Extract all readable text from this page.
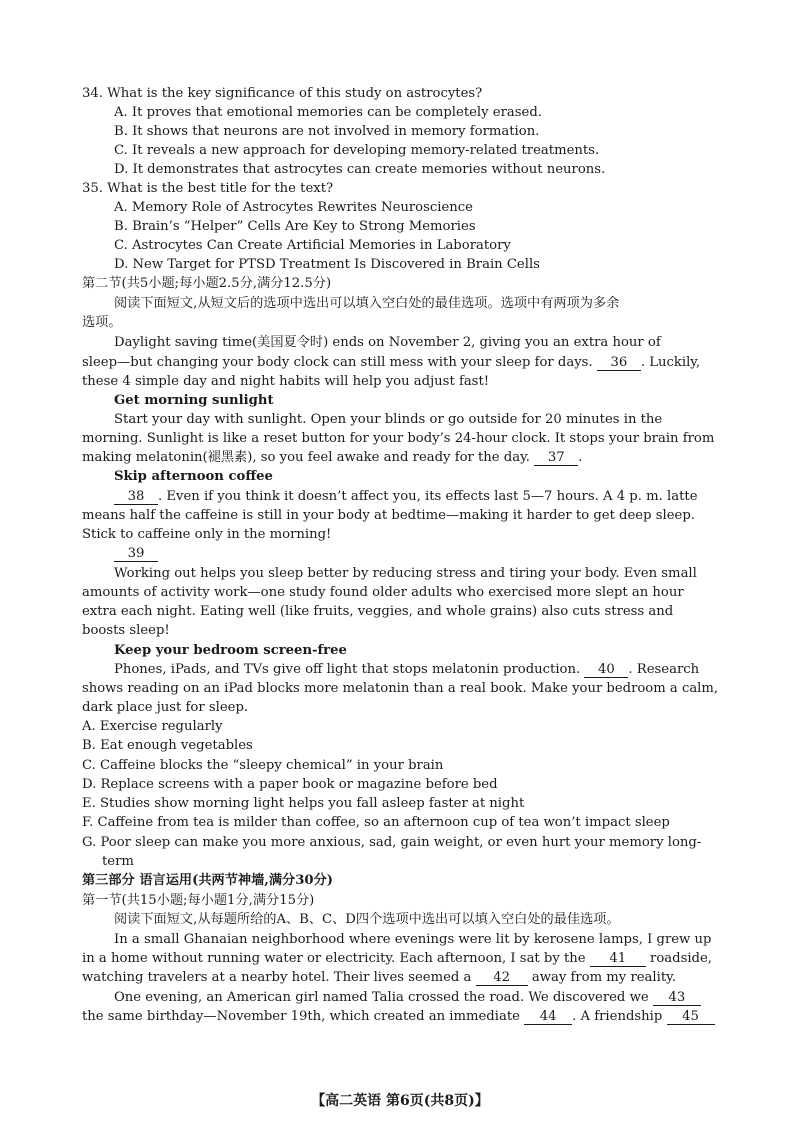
34. What is the key significance of this study on astrocytes?
A. It proves that emotional memories can be completely erased.
B. It shows that neurons are not involved in memory formation.
C. It reveals a new approach for developing memory-related treatments.
D. It demonstrates that astrocytes can create memories without neurons.
35. What is the best title for the text?
A. Memory Role of Astrocytes Rewrites Neuroscience
B. Brain’s “Helper” Cells Are Key to Strong Memories
C. Astrocytes Can Create Artificial Memories in Laboratory
D. New Target for PTSD Treatment Is Discovered in Brain Cells
第二节(共5小题;每小题2.5分,满分12.5分)
阅读下面短文,从短文后的选项中选出可以填入空白处的最佳选项。选项中有两项为多余
选项。
Daylight saving time(美国夏令时) ends on November 2, giving you an extra hour of
sleep—but changing your body clock can still mess with your sleep for days. 36 . Luckily,
these 4 simple day and night habits will help you adjust fast!
Get morning sunlight
Start your day with sunlight. Open your blinds or go outside for 20 minutes in the
morning. Sunlight is like a reset button for your body’s 24-hour clock. It stops your brain from
making melatonin(褪黑素), so you feel awake and ready for the day. 37 .
Skip afternoon coffee
38 . Even if you think it doesn’t affect you, its effects last 5—7 hours. A 4 p. m. latte
means half the caffeine is still in your body at bedtime—making it harder to get deep sleep.
Stick to caffeine only in the morning!
39
Working out helps you sleep better by reducing stress and tiring your body. Even small
amounts of activity work—one study found older adults who exercised more slept an hour
extra each night. Eating well (like fruits, veggies, and whole grains) also cuts stress and
boosts sleep!
Keep your bedroom screen-free
Phones, iPads, and TVs give off light that stops melatonin production. 40 . Research
shows reading on an iPad blocks more melatonin than a real book. Make your bedroom a calm,
dark place just for sleep.
A. Exercise regularly
B. Eat enough vegetables
C. Caffeine blocks the “sleepy chemical” in your brain
D. Replace screens with a paper book or magazine before bed
E. Studies show morning light helps you fall asleep faster at night
F. Caffeine from tea is milder than coffee, so an afternoon cup of tea won’t impact sleep
G. Poor sleep can make you more anxious, sad, gain weight, or even hurt your memory long-
term
第三部分 语言运用(共两节神墙,满分30分)
第一节(共15小题;每小题1分,满分15分)
阅读下面短文,从每题所给的A、B、C、D四个选项中选出可以填入空白处的最佳选项。
In a small Ghanaian neighborhood where evenings were lit by kerosene lamps, I grew up
in a home without running water or electricity. Each afternoon, I sat by the 41 roadside,
watching travelers at a nearby hotel. Their lives seemed a 42 away from my reality.
One evening, an American girl named Talia crossed the road. We discovered we 43
the same birthday—November 19th, which created an immediate 44 . A friendship 45
【高二英语 第6页(共8页)】
